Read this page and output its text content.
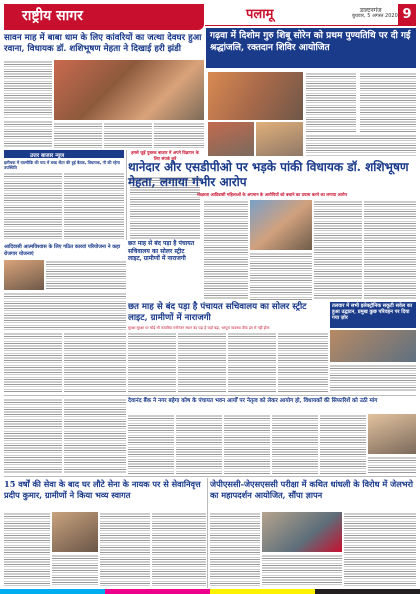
राष्ट्रीय सागर	पलामू	डाल्टनगंज
बुधवार, 5 अगस्त 2020 9
सावन माह में बाबा धाम के लिए कांवरियों का जत्था देवघर हुआ रवाना, विधायक डॉ. शशिभूषण मेहता ने दिखाई हरी झंडी
उत्तर बाजार न्यूज
झरीचक में वाल्मीकि की याद में ब्लड सेंटर की हुई बैठक, विधायक, नौ की रहेगा उपस्थिति
हमसे जुड़ें पुस्तक बाजार में अपने विज्ञापन के लिए संपर्क करें
गढ़वा में दिशोम गुरु शिबू सोरेन को प्रथम पुण्यतिथि पर दी गई श्रद्धांजलि, रक्तदान शिविर आयोजित
थानेदार और एसडीपीओ पर भड़के पांकी विधायक डॉ. शशिभूषण मेहता, लगाया गंभीर आरोप
साक्षरता आदिवासी महिलाओं के अपमान के आरोपियों को बचाने का प्रयास करने का लगाया आरोप
आदिवासी आत्मविश्वास के लिए गठित कारवां परियोजना ने कहा रोजगार योजनाएं
छत माह से बंद पड़ा है पंचायत सचिवालय का सोलर स्ट्रीट लाइट, ग्रामीणों में नाराजगी
छत माह से बंद पड़ा है पंचायत सचिवालय का सोलर स्ट्रीट लाइट, ग्रामीणों में नाराजगी
सुरक्षा सुरक्षा पर कोई भी कांवरिया मनोरंजन स्थान बंद पड़ा है जहाँ बढ़ा, भरपूरा व्यवस्था ठीक ढंग से नहीं होगा
तलवार में सभी इलेक्ट्रॉनिक सकूटी सवेल का हुआ उद्घाटन, प्रमुख कुछ परिवहन पर दिया गया ज़ोर
देवानंद बैंक ने नगर बहेगा कोष के पंचायत भवन आर्यों पर नेतृत्व को लेकर आयोग हो, विधायकों की सिफारिशें को उठी मांग
15 वर्षों की सेवा के बाद घर लौटे सेना के नायक पर से सेवानिवृत्त प्रदीप कुमार, ग्रामीणों ने किया भव्य स्वागत
जेपीएससी-जेएसएससी परीक्षा में कथित धांधली के विरोध में जेलभरो का महापदर्शन आयोजित, सौंपा ज्ञापन
